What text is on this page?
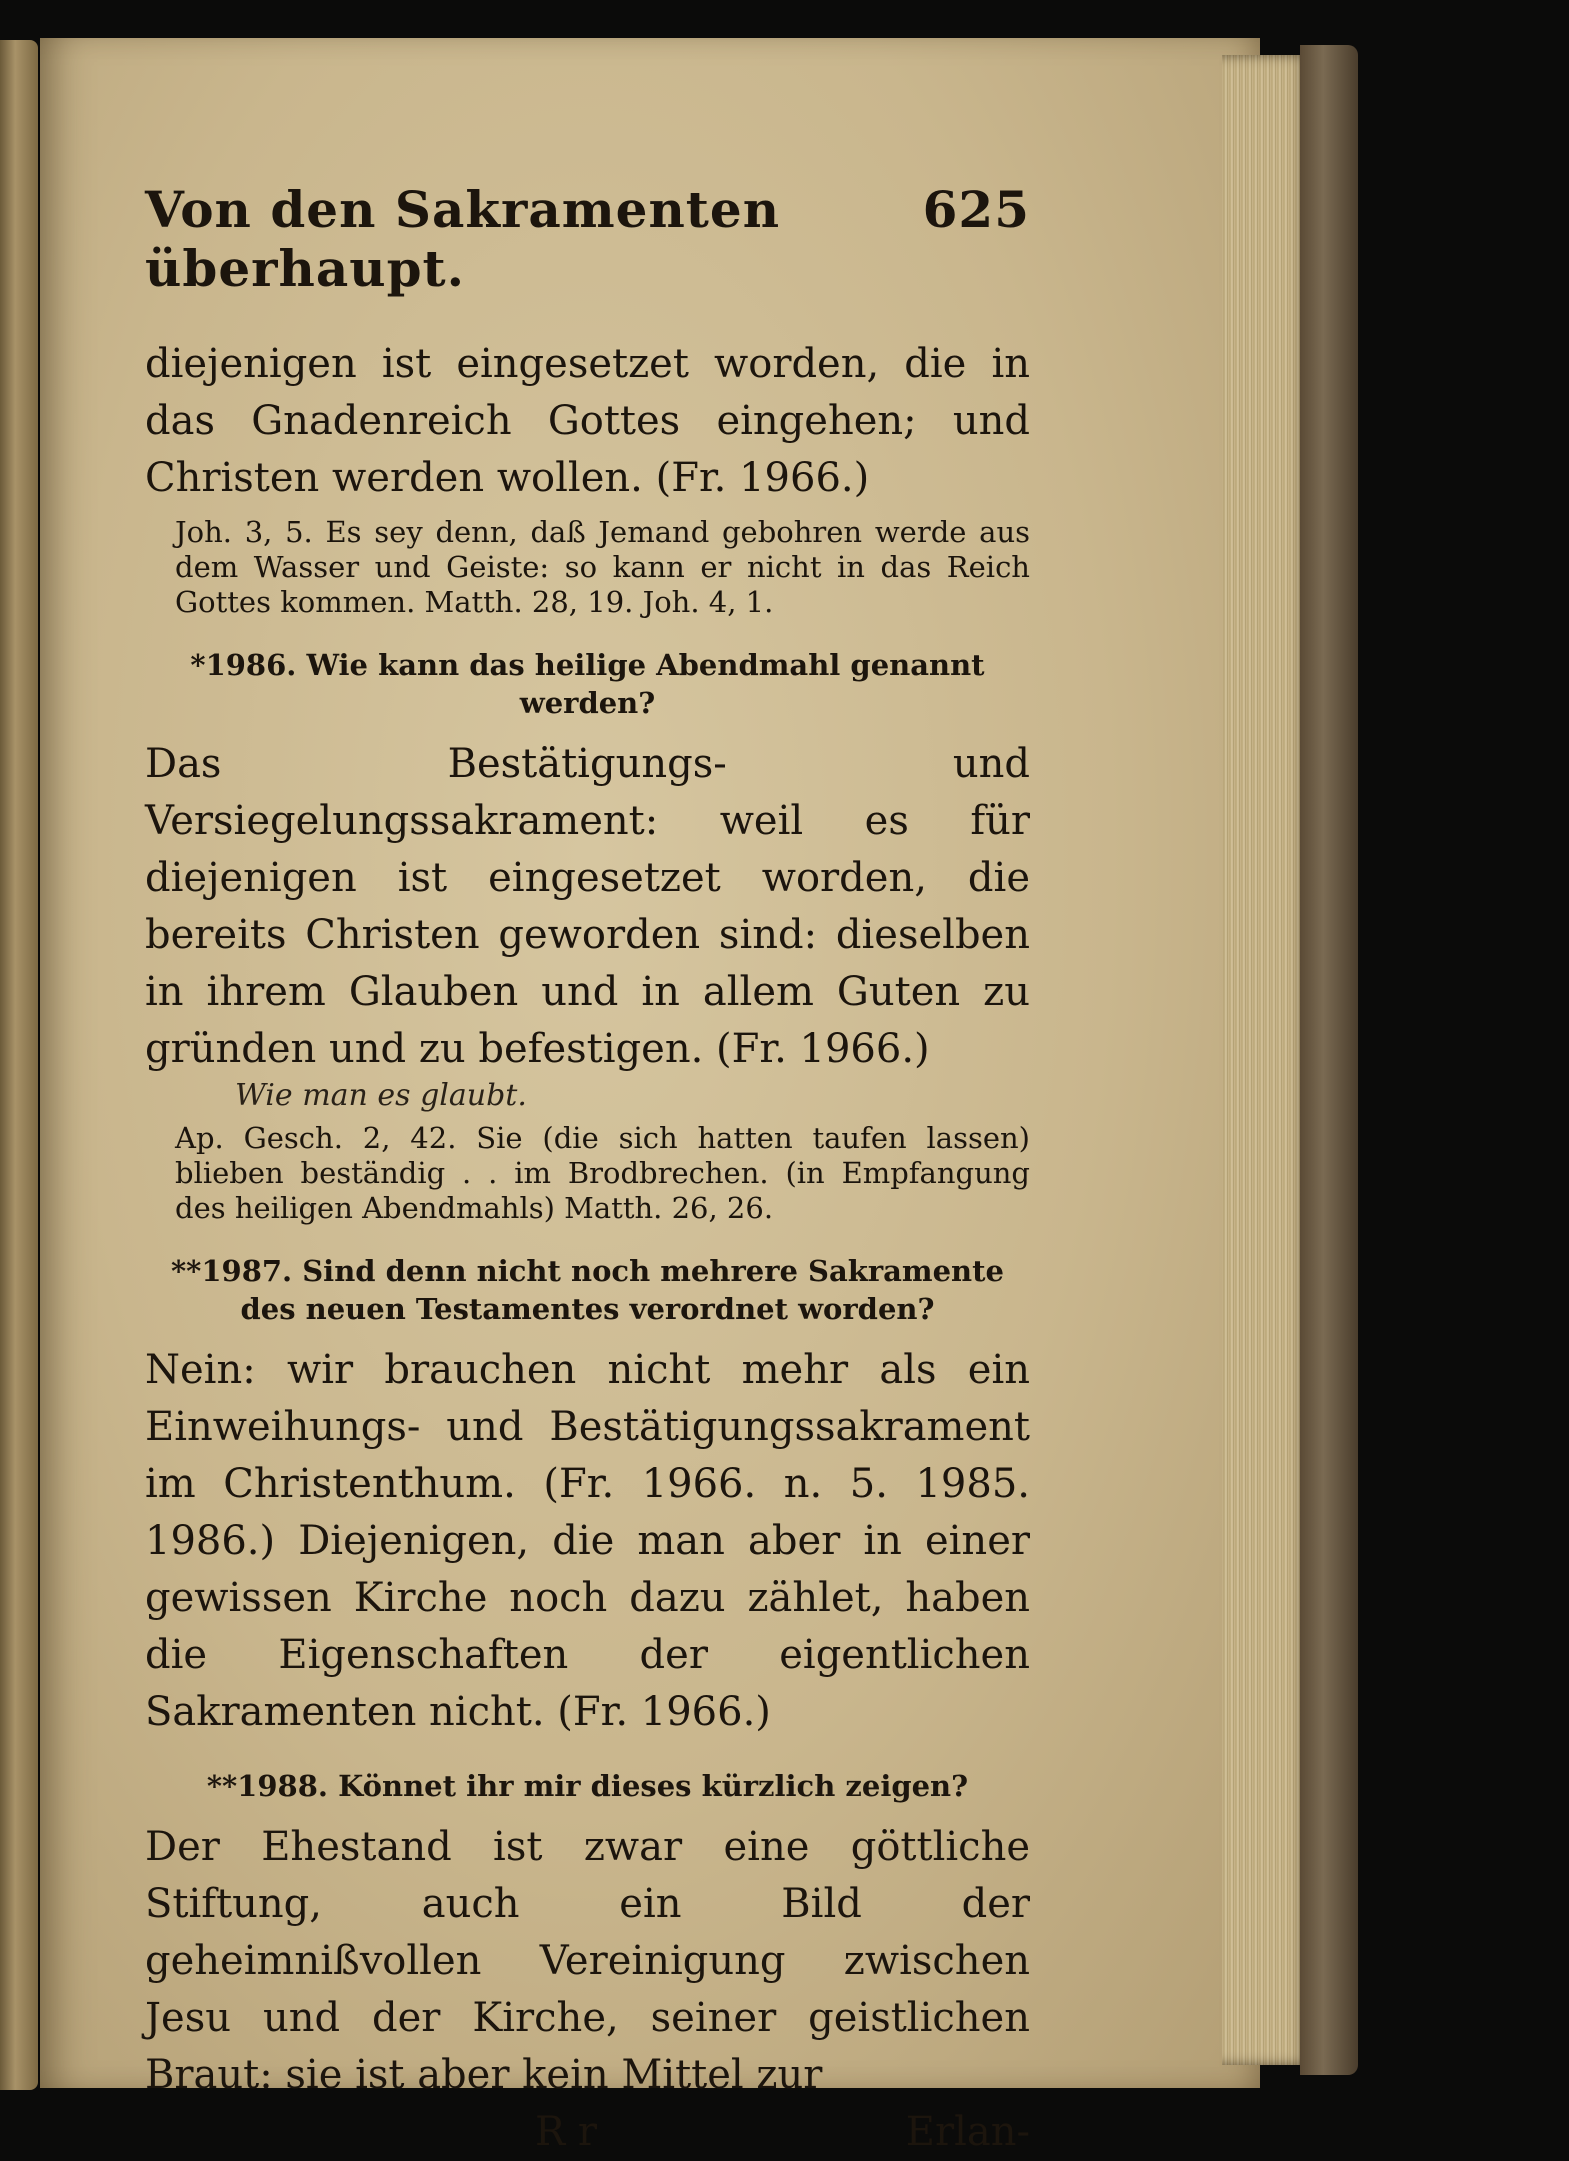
Von den Sakramenten überhaupt.
625

diejenigen ist eingesetzet worden, die in das Gnadenreich Gottes eingehen; und Christen werden wollen. (Fr. 1966.)

Joh. 3, 5. Es sey denn, daß Jemand gebohren werde aus dem Wasser und Geiste: so kann er nicht in das Reich Gottes kommen. Matth. 28, 19. Joh. 4, 1.

*1986. Wie kann das heilige Abendmahl genannt werden?

Das Bestätigungs- und Versiegelungssakrament: weil es für diejenigen ist eingesetzet worden, die bereits Christen geworden sind: dieselben in ihrem Glauben und in allem Guten zu gründen und zu befestigen. (Fr. 1966.)

Wie man es glaubt.

Ap. Gesch. 2, 42. Sie (die sich hatten taufen lassen) blieben beständig . . im Brodbrechen. (in Empfangung des heiligen Abendmahls) Matth. 26, 26.

**1987. Sind denn nicht noch mehrere Sakramente des neuen Testamentes verordnet worden?

Nein: wir brauchen nicht mehr als ein Einweihungs- und Bestätigungssakrament im Christenthum. (Fr. 1966. n. 5. 1985. 1986.) Diejenigen, die man aber in einer gewissen Kirche noch dazu zählet, haben die Eigenschaften der eigentlichen Sakramenten nicht. (Fr. 1966.)

**1988. Könnet ihr mir dieses kürzlich zeigen?

Der Ehestand ist zwar eine göttliche Stiftung, auch ein Bild der geheimnißvollen Vereinigung zwischen Jesu und der Kirche, seiner geistlichen Braut: sie ist aber kein Mittel zur

R r	Erlan-
